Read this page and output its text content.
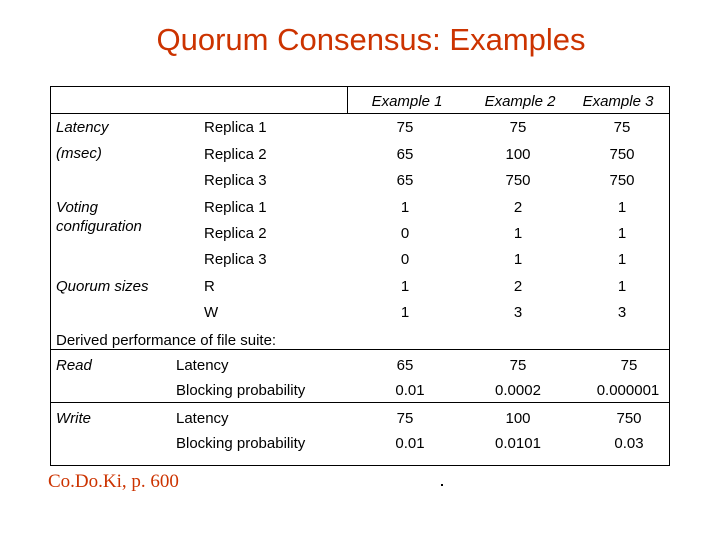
Quorum Consensus: Examples
Example 1	Example 2	Example 3
Latency
(msec)
Replica 1	75	75	75
Replica 2	65	100	750
Replica 3	65	750	750
Voting
configuration
Replica 1	1	2	1
Replica 2	0	1	1
Replica 3	0	1	1
Quorum sizes	R	1	2	1
W	1	3	3
Derived performance of file suite:
Read	Latency	65	75	75
Blocking probability	0.01	0.0002	0.000001
Write	Latency	75	100	750
Blocking probability	0.01	0.0101	0.03
Co.Do.Ki, p. 600
